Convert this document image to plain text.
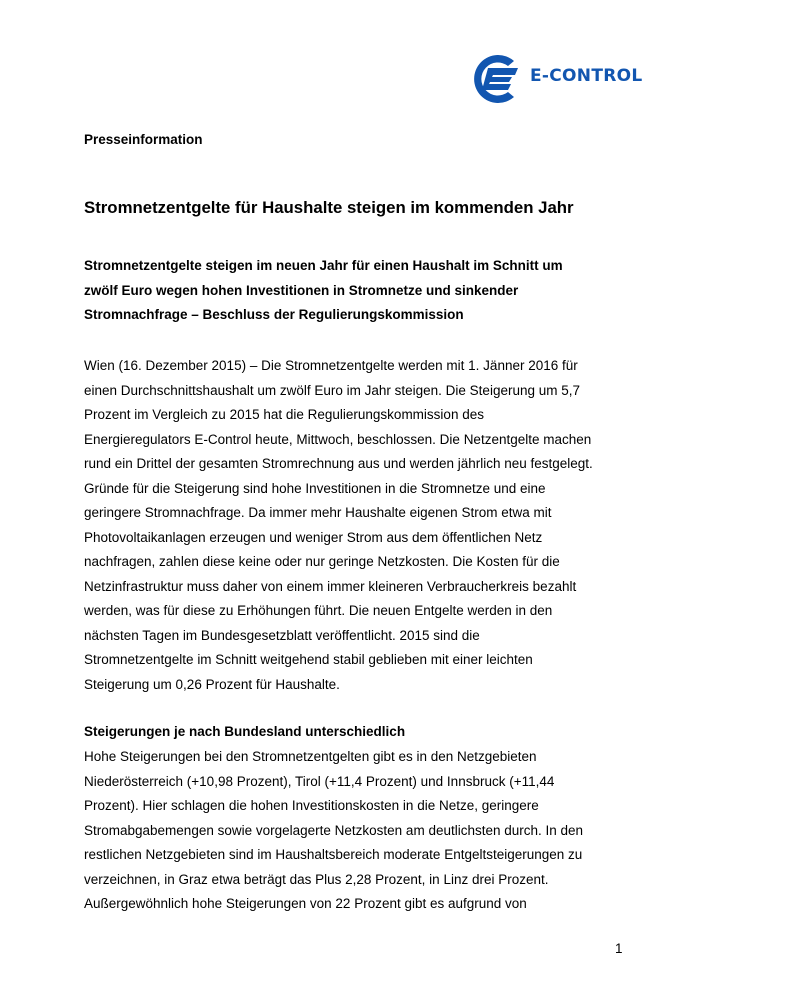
E-CONTROL
Presseinformation
Stromnetzentgelte für Haushalte steigen im kommenden Jahr
Stromnetzentgelte steigen im neuen Jahr für einen Haushalt im Schnitt um
zwölf Euro wegen hohen Investitionen in Stromnetze und sinkender
Stromnachfrage – Beschluss der Regulierungskommission
Wien (16. Dezember 2015) – Die Stromnetzentgelte werden mit 1. Jänner 2016 für
einen Durchschnittshaushalt um zwölf Euro im Jahr steigen. Die Steigerung um 5,7
Prozent im Vergleich zu 2015 hat die Regulierungskommission des
Energieregulators E-Control heute, Mittwoch, beschlossen. Die Netzentgelte machen
rund ein Drittel der gesamten Stromrechnung aus und werden jährlich neu festgelegt.
Gründe für die Steigerung sind hohe Investitionen in die Stromnetze und eine
geringere Stromnachfrage. Da immer mehr Haushalte eigenen Strom etwa mit
Photovoltaikanlagen erzeugen und weniger Strom aus dem öffentlichen Netz
nachfragen, zahlen diese keine oder nur geringe Netzkosten. Die Kosten für die
Netzinfrastruktur muss daher von einem immer kleineren Verbraucherkreis bezahlt
werden, was für diese zu Erhöhungen führt. Die neuen Entgelte werden in den
nächsten Tagen im Bundesgesetzblatt veröffentlicht. 2015 sind die
Stromnetzentgelte im Schnitt weitgehend stabil geblieben mit einer leichten
Steigerung um 0,26 Prozent für Haushalte.
Steigerungen je nach Bundesland unterschiedlich
Hohe Steigerungen bei den Stromnetzentgelten gibt es in den Netzgebieten
Niederösterreich (+10,98 Prozent), Tirol (+11,4 Prozent) und Innsbruck (+11,44
Prozent). Hier schlagen die hohen Investitionskosten in die Netze, geringere
Stromabgabemengen sowie vorgelagerte Netzkosten am deutlichsten durch. In den
restlichen Netzgebieten sind im Haushaltsbereich moderate Entgeltsteigerungen zu
verzeichnen, in Graz etwa beträgt das Plus 2,28 Prozent, in Linz drei Prozent.
Außergewöhnlich hohe Steigerungen von 22 Prozent gibt es aufgrund von
1
